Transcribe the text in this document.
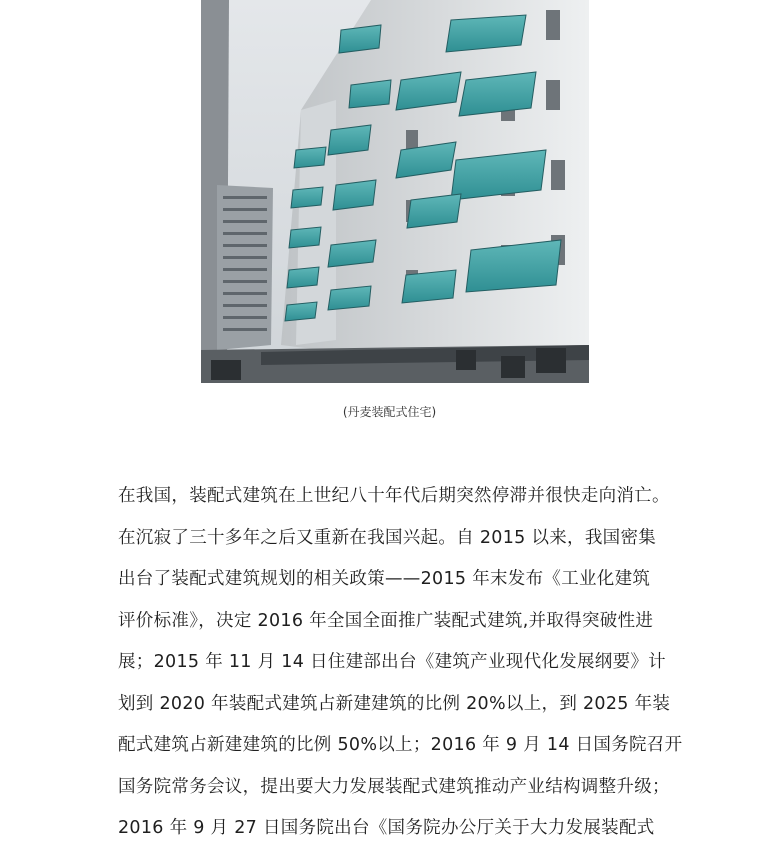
(丹麦装配式住宅)
在我国，装配式建筑在上世纪八十年代后期突然停滞并很快走向消亡。
在沉寂了三十多年之后又重新在我国兴起。自 2015 以来，我国密集
出台了装配式建筑规划的相关政策——2015 年末发布《工业化建筑
评价标准》，决定 2016 年全国全面推广装配式建筑,并取得突破性进
展；2015 年 11 月 14 日住建部出台《建筑产业现代化发展纲要》计
划到 2020 年装配式建筑占新建建筑的比例 20%以上，到 2025 年装
配式建筑占新建建筑的比例 50%以上；2016 年 9 月 14 日国务院召开
国务院常务会议，提出要大力发展装配式建筑推动产业结构调整升级；
2016 年 9 月 27 日国务院出台《国务院办公厅关于大力发展装配式
